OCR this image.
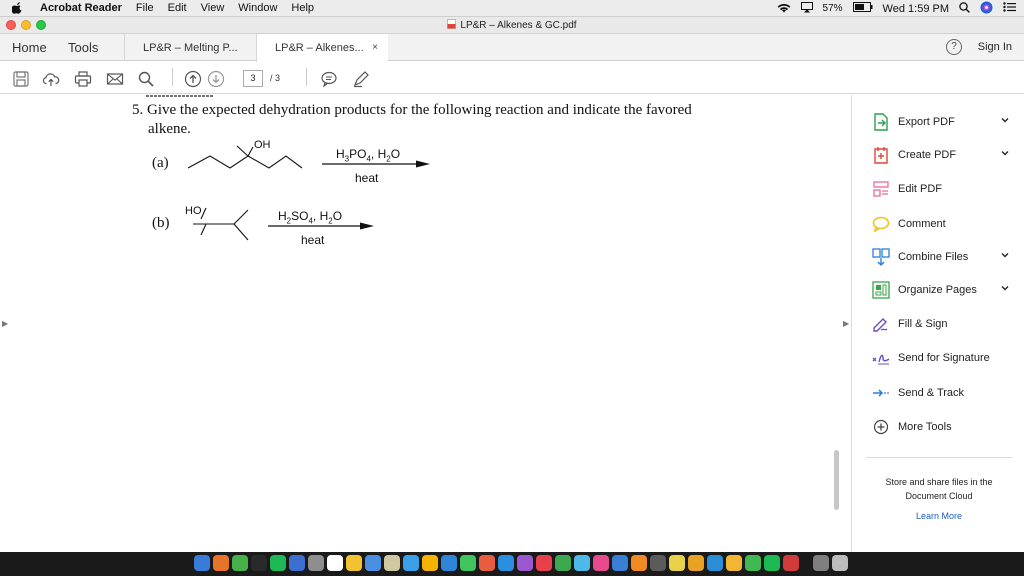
Acrobat Reader File Edit View Window Help	57%	Wed 1:59 PM
LP&R – Alkenes & GC.pdf
Home Tools	LP&R – Melting P...	LP&R – Alkenes... ×	?	Sign In
3	/ 3
5. Give the expected dehydration products for the following reaction and indicate the favored
alkene.
(a)
OH
$H_3PO_4$, $H_2O$
heat
(b)
HO	$H_2SO_4$, $H_2O$
heat
▶	▶
Export PDF
Create PDF
Edit PDF
Comment
Combine Files
Organize Pages
Fill & Sign
Send for Signature
Send & Track
More Tools
Store and share files in the Document Cloud
Learn More
